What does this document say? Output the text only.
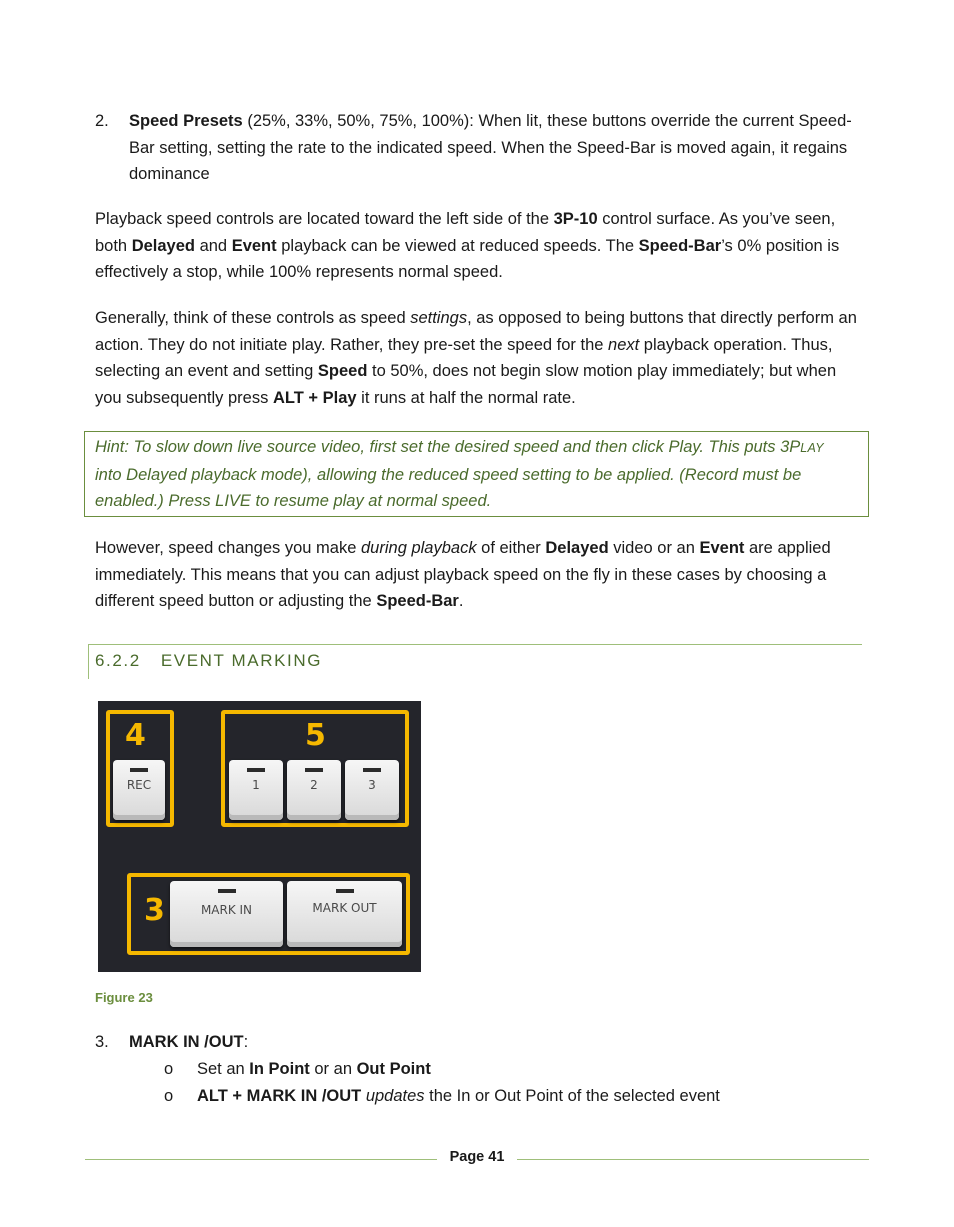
2. Speed Presets (25%, 33%, 50%, 75%, 100%): When lit, these buttons override the current Speed-Bar setting, setting the rate to the indicated speed. When the Speed-Bar is moved again, it regains dominance

Playback speed controls are located toward the left side of the 3P-10 control surface. As you’ve seen, both Delayed and Event playback can be viewed at reduced speeds. The Speed-Bar’s 0% position is effectively a stop, while 100% represents normal speed.

Generally, think of these controls as speed settings, as opposed to being buttons that directly perform an action. They do not initiate play. Rather, they pre-set the speed for the next playback operation. Thus, selecting an event and setting Speed to 50%, does not begin slow motion play immediately; but when you subsequently press ALT + Play it runs at half the normal rate.

Hint: To slow down live source video, first set the desired speed and then click Play. This puts 3PLAY into Delayed playback mode), allowing the reduced speed setting to be applied. (Record must be enabled.) Press LIVE to resume play at normal speed.

However, speed changes you make during playback of either Delayed video or an Event are applied immediately. This means that you can adjust playback speed on the fly in these cases by choosing a different speed button or adjusting the Speed-Bar.

6.2.2 EVENT MARKING
4
REC
5
1	2	3
3	MARK IN	MARK OUT
Figure 23
3. MARK IN /OUT:
o Set an In Point or an Out Point
o ALT + MARK IN /OUT updates the In or Out Point of the selected event
Page 41
